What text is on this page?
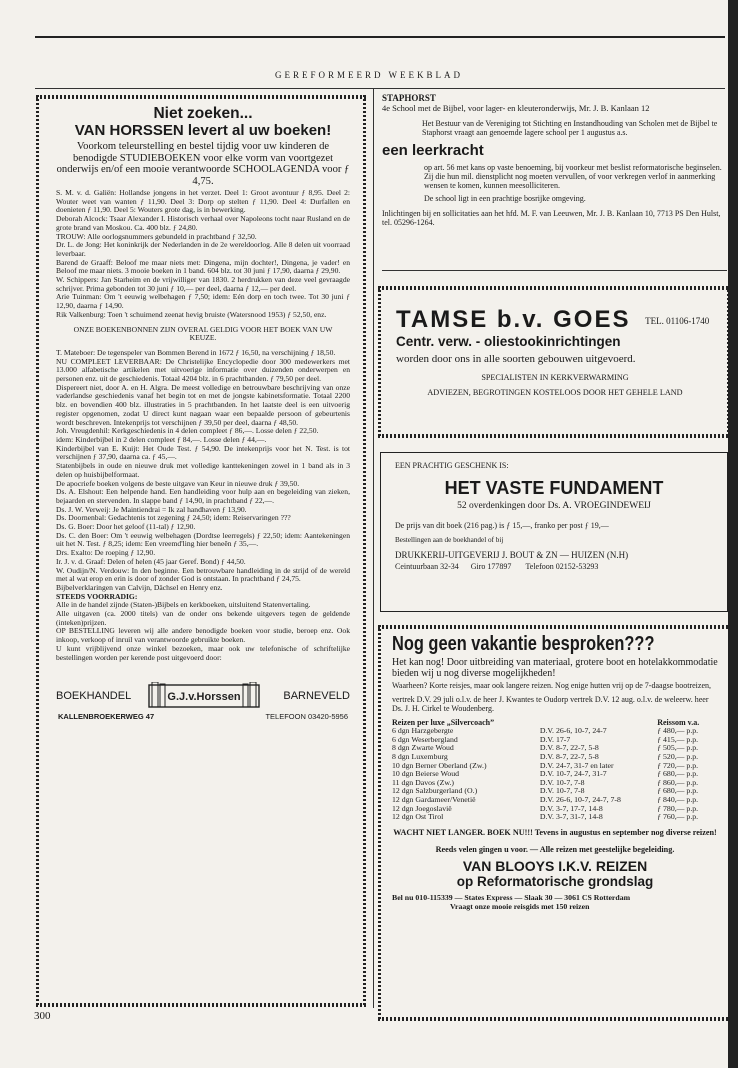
GEREFORMEERD WEEKBLAD
Niet zoeken...
VAN HORSSEN levert al uw boeken!
Voorkom teleurstelling en bestel tijdig voor uw kinderen de benodigde STUDIEBOEKEN voor elke vorm van voortgezet onderwijs en/of een mooie verantwoorde SCHOOLAGENDA voor ƒ 4,75.

S. M. v. d. Galiën: Hollandse jongens in het verzet. Deel 1: Groot avontuur ƒ 8,95. Deel 2: Wouter weet van wanten ƒ 11,90. Deel 3: Dorp op stelten ƒ 11,90. Deel 4: Durfallen en doenieten ƒ 11,90. Deel 5: Wouters grote dag, is in bewerking.

Deborah Alcock: Tsaar Alexander I. Historisch verhaal over Napoleons tocht naar Rusland en de grote brand van Moskou. Ca. 400 blz. ƒ 24,80.

TROUW: Alle oorlogsnummers gebundeld in prachtband ƒ 32,50.

Dr. L. de Jong: Het koninkrijk der Nederlanden in de 2e wereldoorlog. Alle 8 delen uit voorraad leverbaar.

Barend de Graaff: Beloof me maar niets met: Dingena, mijn dochter!, Dingena, je vader! en Beloof me maar niets. 3 mooie boeken in 1 band. 604 blz. tot 30 juni ƒ 17,90, daarna ƒ 29,90.

W. Schippers: Jan Starheim en de vrijwilliger van 1830. 2 herdrukken van deze veel gevraagde schrijver. Prima gebonden tot 30 juni ƒ 10,— per deel, daarna ƒ 12,— per deel.

Arie Tuinman: Om 't eeuwig welbehagen ƒ 7,50; idem: Eén dorp en toch twee. Tot 30 juni ƒ 12,90, daarna ƒ 14,90.

Rik Valkenburg: Toen 't schuimend zeenat hevig bruiste (Watersnood 1953) ƒ 52,50, enz.

ONZE BOEKENBONNEN ZIJN OVERAL GELDIG VOOR HET BOEK VAN UW KEUZE.

T. Mateboer: De tegenspeler van Bommen Berend in 1672 ƒ 16,50, na verschijning ƒ 18,50.

NU COMPLEET LEVERBAAR: De Christelijke Encyclopedie door 300 medewerkers met 13.000 alfabetische artikelen met uitvoerige informatie over duizenden onderwerpen en personen enz. uit de geschiedenis. Totaal 4204 blz. in 6 prachtbanden. ƒ 79,50 per deel.

Dispereert niet, door A. en H. Algra. De meest volledige en betrouwbare beschrijving van onze vaderlandse geschiedenis vanaf het begin tot en met de jongste kabinetsformatie. Totaal 2200 blz. en bovendien 400 blz. illustraties in 5 prachtbanden. In het laatste deel is een uitvoerig register opgenomen, zodat U direct kunt nagaan waar een bepaalde persoon of gebeurtenis wordt beschreven. Intekenprijs tot verschijnen ƒ 39,50 per deel, daarna ƒ 48,50.

Joh. Vreugdenhil: Kerkgeschiedenis in 4 delen compleet ƒ 86,—. Losse delen ƒ 22,50.

idem: Kinderbijbel in 2 delen compleet ƒ 84,—. Losse delen ƒ 44,—.

Kinderbijbel van E. Kuijt: Het Oude Test. ƒ 54,90. De intekenprijs voor het N. Test. is tot verschijnen ƒ 37,90, daarna ca. ƒ 45,—.

Statenbijbels in oude en nieuwe druk met volledige kanttekeningen zowel in 1 band als in 3 delen op huisbijbelformaat.

De apocriefe boeken volgens de beste uitgave van Keur in nieuwe druk ƒ 39,50.

Ds. A. Elshout: Een helpende hand. Een handleiding voor hulp aan en begeleiding van zieken, bejaarden en stervenden. In slappe band ƒ 14,90, in prachtband ƒ 22,—.

Ds. J. W. Verweij: Je Maintiendrai = Ik zal handhaven ƒ 13,90.

Ds. Doornenbal: Gedachtenis tot zegening ƒ 24,50; idem: Reiservaringen ???

Ds. G. Boer: Door het geloof (11-tal) ƒ 12,90.

Ds. C. den Boer: Om 't eeuwig welbehagen (Dordtse leerregels) ƒ 22,50; idem: Aantekeningen uit het N. Test. ƒ 8,25; idem: Een vreemd'ling hier beneên ƒ 35,—.

Drs. Exalto: De roeping ƒ 12,90.

Ir. J. v. d. Graaf: Delen of helen (45 jaar Geref. Bond) ƒ 44,50.

W. Oudijn/N. Verdouw: In den beginne. Een betrouwbare handleiding in de strijd of de wereld met al wat erop en erin is door of zonder God is ontstaan. In prachtband ƒ 24,75.

Bijbelverklaringen van Calvijn, Dächsel en Henry enz.

STEEDS VOORRADIG:

Alle in de handel zijnde (Staten-)Bijbels en kerkboeken, uitsluitend Statenvertaling.

Alle uitgaven (ca. 2000 titels) van de onder ons bekende uitgevers tegen de geldende (inteken)prijzen.

OP BESTELLING leveren wij alle andere benodigde boeken voor studie, beroep enz. Ook inkoop, verkoop of inruil van verantwoorde gebruikte boeken.

U kunt vrijblijvend onze winkel bezoeken, maar ook uw telefonische of schriftelijke bestellingen worden per kerende post uitgevoerd door:

BOEKHANDEL	G.J.v.Horssen	BARNEVELD
KALLENBROEKERWEG 47	TELEFOON 03420-5956
STAPHORST
4e School met de Bijbel, voor lager- en kleuteronderwijs, Mr. J. B. Kanlaan 12
Het Bestuur van de Vereniging tot Stichting en Instandhouding van Scholen met de Bijbel te Staphorst vraagt aan genoemde lagere school per 1 augustus a.s.
een leerkracht
op art. 56 met kans op vaste benoeming, bij voorkeur met beslist reformatorische beginselen. Zij die hun mil. dienstplicht nog moeten vervullen, of voor verkregen verlof in aanmerking wensen te komen, kunnen meesolliciteren.
De school ligt in een prachtige bosrijke omgeving.
Inlichtingen bij en sollicitaties aan het hfd. M. F. van Leeuwen, Mr. J. B. Kanlaan 10, 7713 PS Den Hulst, tel. 05296-1264.
TAMSE b.v. GOES TEL. 01106-1740
Centr. verw. - oliestookinrichtingen
worden door ons in alle soorten gebouwen uitgevoerd.
SPECIALISTEN IN KERKVERWARMING
ADVIEZEN, BEGROTINGEN KOSTELOOS DOOR HET GEHELE LAND
EEN PRACHTIG GESCHENK IS:
HET VASTE FUNDAMENT
52 overdenkingen door Ds. A. VROEGINDEWEIJ
De prijs van dit boek (216 pag.) is ƒ 15,—, franko per post ƒ 19,—
Bestellingen aan de boekhandel of bij
DRUKKERIJ-UITGEVERIJ J. BOUT & ZN — HUIZEN (N.H)
Ceintuurbaan 32-34 Giro 177897 Telefoon 02152-53293
Nog geen vakantie besproken???
Het kan nog! Door uitbreiding van materiaal, grotere boot en hotelakkommodatie bieden wij u nog diverse mogelijkheden!
Waarheen? Korte reisjes, maar ook langere reizen. Nog enige hutten vrij op de 7-daagse bootreizen,
vertrek D.V. 29 juli o.l.v. de heer J. Kwantes te Oudorp vertrek D.V. 12 aug. o.l.v. de weleerw. heer Ds. J. H. Cirkel te Woudenberg.
Reizen per luxe „Silvercoach”		Reissom v.a.
6 dgn Harzgebergte	D.V. 26-6, 10-7, 24-7	ƒ 480,— p.p.
6 dgn Weserbergland	D.V. 17-7	ƒ 415,— p.p.
8 dgn Zwarte Woud	D.V. 8-7, 22-7, 5-8	ƒ 505,— p.p.
8 dgn Luxemburg	D.V. 8-7, 22-7, 5-8	ƒ 520,— p.p.
10 dgn Berner Oberland (Zw.)	D.V. 24-7, 31-7 en later	ƒ 720,— p.p.
10 dgn Beierse Woud	D.V. 10-7, 24-7, 31-7	ƒ 680,— p.p.
11 dgn Davos (Zw.)	D.V. 10-7, 7-8	ƒ 860,— p.p.
12 dgn Salzburgerland (O.)	D.V. 10-7, 7-8	ƒ 680,— p.p.
12 dgn Gardameer/Venetië	D.V. 26-6, 10-7, 24-7, 7-8	ƒ 840,— p.p.
12 dgn Joegoslavië	D.V. 3-7, 17-7, 14-8	ƒ 780,— p.p.
12 dgn Ost Tirol	D.V. 3-7, 31-7, 14-8	ƒ 760,— p.p.
WACHT NIET LANGER. BOEK NU!!! Tevens in augustus en september nog diverse reizen!
Reeds velen gingen u voor. — Alle reizen met geestelijke begeleiding.
VAN BLOOYS I.K.V. REIZEN
op Reformatorische grondslag
Bel nu 010-115339 — States Express — Slaak 30 — 3061 CS Rotterdam
Vraagt onze mooie reisgids met 150 reizen
300
